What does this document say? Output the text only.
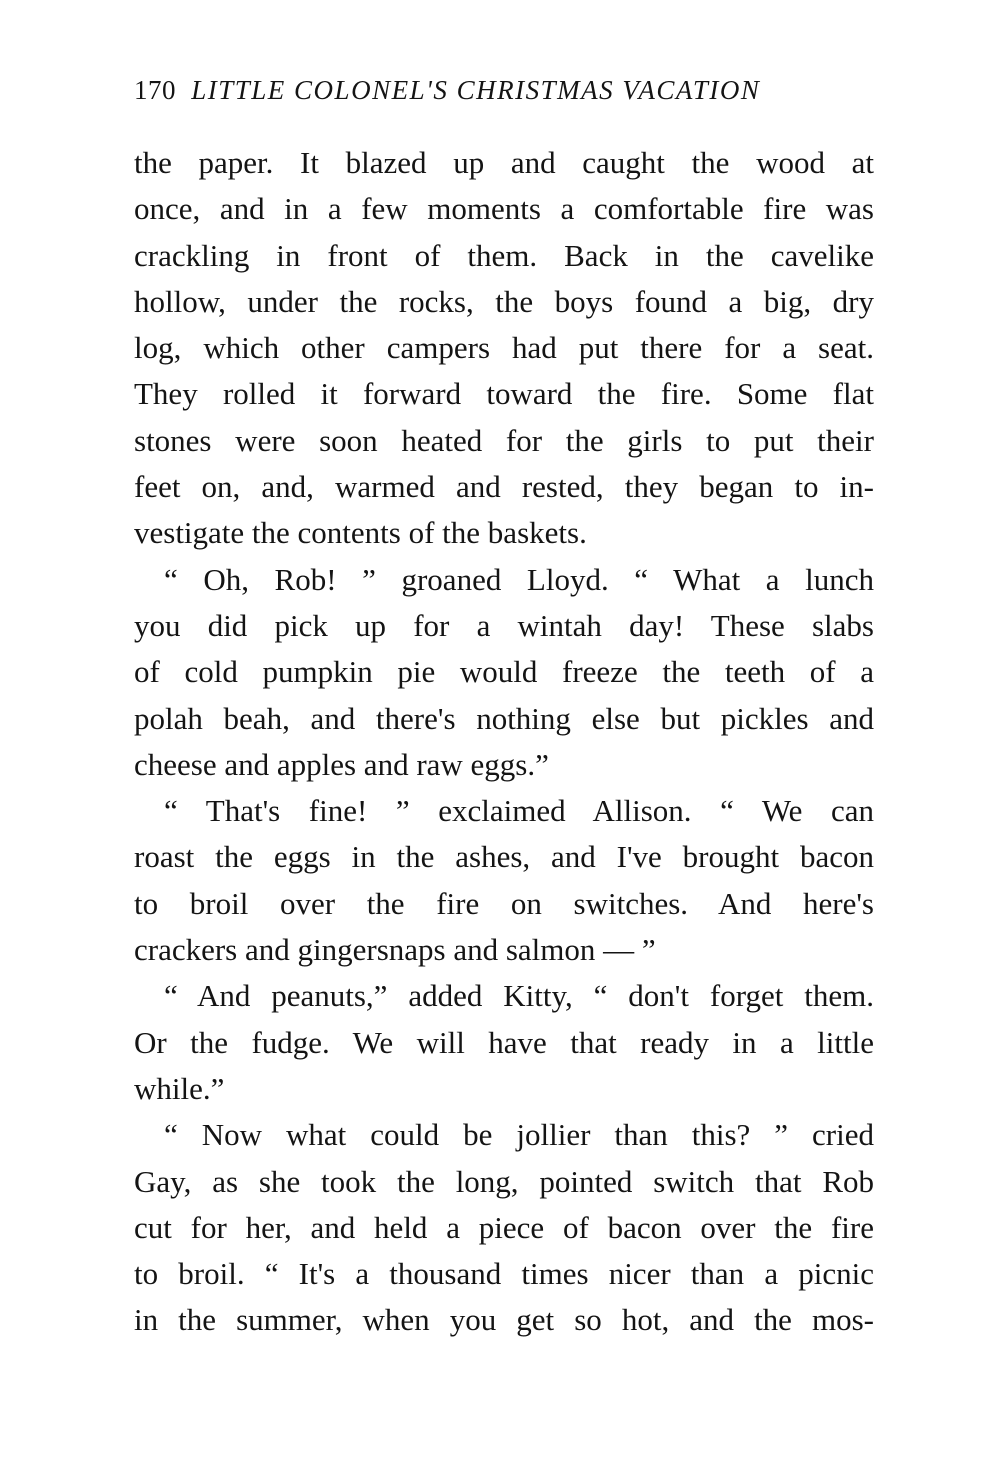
170 LITTLE COLONEL'S CHRISTMAS VACATION
the paper. It blazed up and caught the wood at
once, and in a few moments a comfortable fire was
crackling in front of them. Back in the cavelike
hollow, under the rocks, the boys found a big, dry
log, which other campers had put there for a seat.
They rolled it forward toward the fire. Some flat
stones were soon heated for the girls to put their
feet on, and, warmed and rested, they began to in-
vestigate the contents of the baskets.
“ Oh, Rob! ” groaned Lloyd. “ What a lunch
you did pick up for a wintah day! These slabs
of cold pumpkin pie would freeze the teeth of a
polah beah, and there's nothing else but pickles and
cheese and apples and raw eggs.”
“ That's fine! ” exclaimed Allison. “ We can
roast the eggs in the ashes, and I've brought bacon
to broil over the fire on switches. And here's
crackers and gingersnaps and salmon — ”
“ And peanuts,” added Kitty, “ don't forget them.
Or the fudge. We will have that ready in a little
while.”
“ Now what could be jollier than this? ” cried
Gay, as she took the long, pointed switch that Rob
cut for her, and held a piece of bacon over the fire
to broil. “ It's a thousand times nicer than a picnic
in the summer, when you get so hot, and the mos-
